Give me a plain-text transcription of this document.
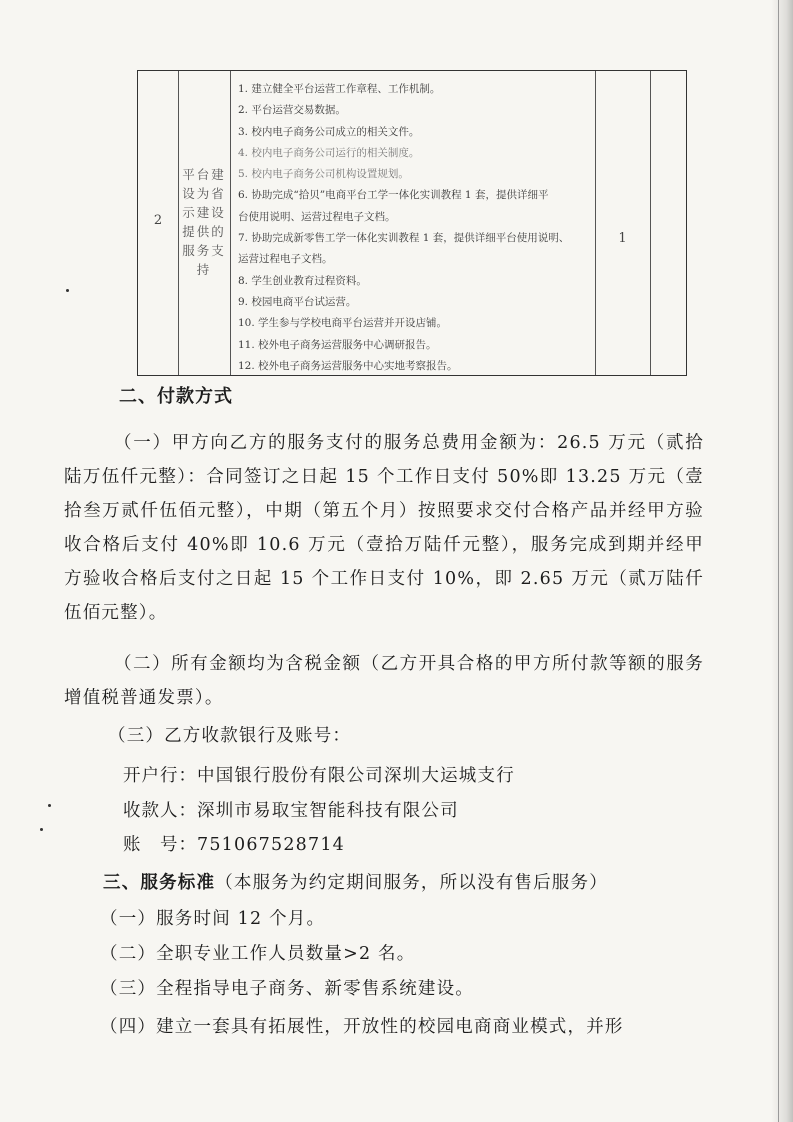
2
平台建设为省示建设提供的服务支持
1
1. 建立健全平台运营工作章程、工作机制。
2. 平台运营交易数据。
3. 校内电子商务公司成立的相关文件。
4. 校内电子商务公司运行的相关制度。
5. 校内电子商务公司机构设置规划。
6. 协助完成“拾贝”电商平台工学一体化实训教程 1 套，提供详细平
台使用说明、运营过程电子文档。
7. 协助完成新零售工学一体化实训教程 1 套，提供详细平台使用说明、
运营过程电子文档。
8. 学生创业教育过程资料。
9. 校园电商平台试运营。
10. 学生参与学校电商平台运营并开设店铺。
11. 校外电子商务运营服务中心调研报告。
12. 校外电子商务运营服务中心实地考察报告。
二、付款方式
（一）甲方向乙方的服务支付的服务总费用金额为：26.5 万元（贰拾陆万伍仟元整）：合同签订之日起 15 个工作日支付 50%即 13.25 万元（壹拾叁万贰仟伍佰元整），中期（第五个月）按照要求交付合格产品并经甲方验收合格后支付 40%即 10.6 万元（壹拾万陆仟元整），服务完成到期并经甲方验收合格后支付之日起 15 个工作日支付 10%，即 2.65 万元（贰万陆仟伍佰元整）。
（二）所有金额均为含税金额（乙方开具合格的甲方所付款等额的服务增值税普通发票）。
（三）乙方收款银行及账号：
开户行：中国银行股份有限公司深圳大运城支行
收款人：深圳市易取宝智能科技有限公司
账　号：751067528714
三、服务标准（本服务为约定期间服务，所以没有售后服务）
（一）服务时间 12 个月。
（二）全职专业工作人员数量>2 名。
（三）全程指导电子商务、新零售系统建设。
（四）建立一套具有拓展性，开放性的校园电商商业模式，并形
